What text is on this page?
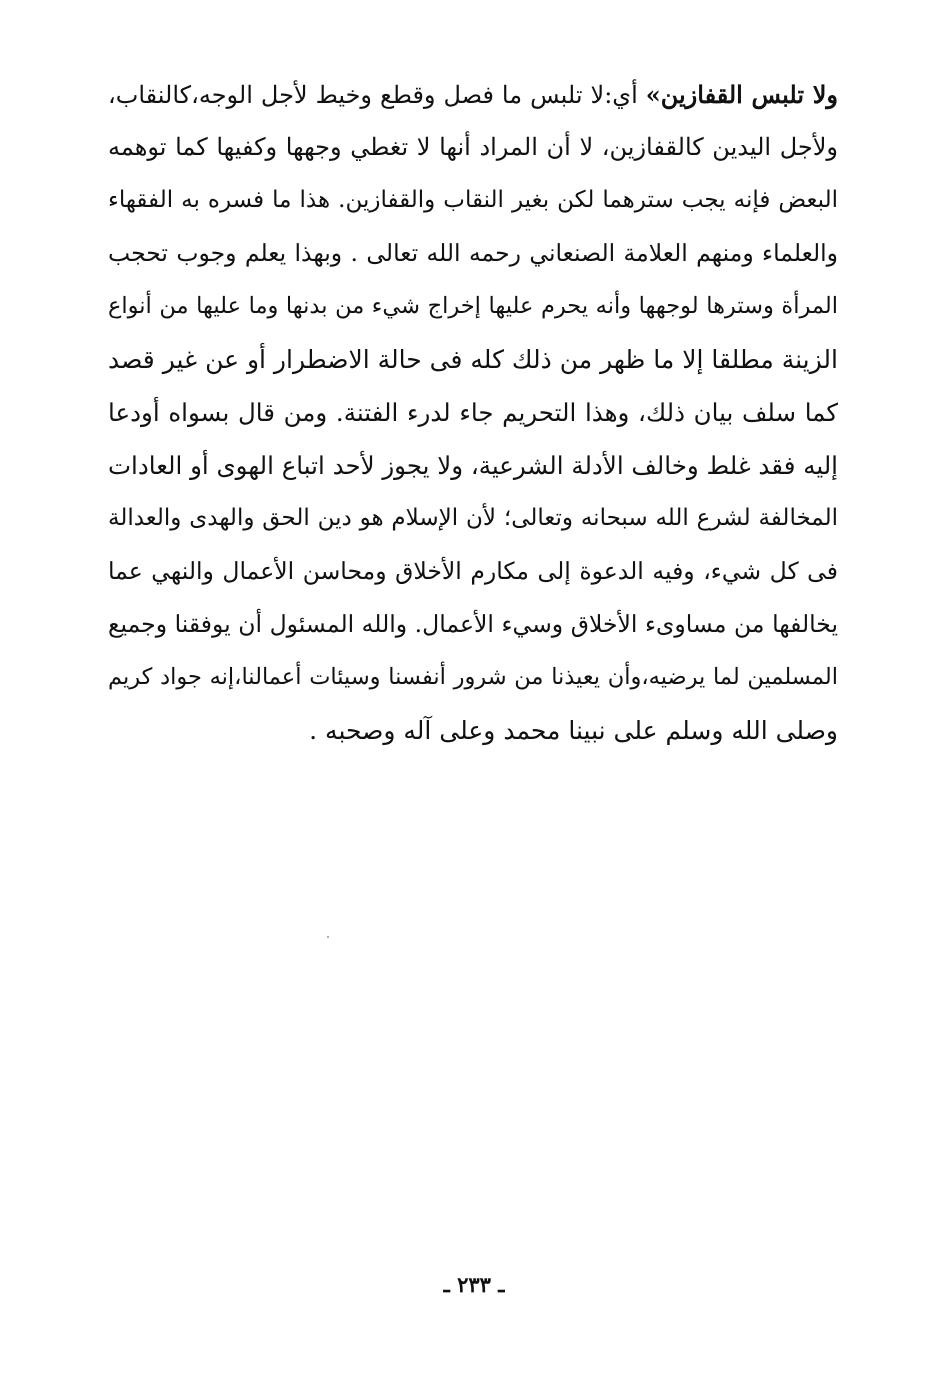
ولا تلبس القفازين» أي:لا تلبس ما فصل وقطع وخيط لأجل الوجه،كالنقاب،
ولأجل اليدين كالقفازين، لا أن المراد أنها لا تغطي وجهها وكفيها كما توهمه
البعض فإنه يجب سترهما لكن بغير النقاب والقفازين. هذا ما فسره به الفقهاء
والعلماء ومنهم العلامة الصنعاني رحمه الله تعالى . وبهذا يعلم وجوب تحجب
المرأة وسترها لوجهها وأنه يحرم عليها إخراج شيء من بدنها وما عليها من أنواع
الزينة مطلقا إلا ما ظهر من ذلك كله فى حالة الاضطرار أو عن غير قصد
كما سلف بيان ذلك، وهذا التحريم جاء لدرء الفتنة. ومن قال بسواه أودعا
إليه فقد غلط وخالف الأدلة الشرعية، ولا يجوز لأحد اتباع الهوى أو العادات
المخالفة لشرع الله سبحانه وتعالى؛ لأن الإسلام هو دين الحق والهدى والعدالة
فى كل شيء، وفيه الدعوة إلى مكارم الأخلاق ومحاسن الأعمال والنهي عما
يخالفها من مساوىء الأخلاق وسيء الأعمال. والله المسئول أن يوفقنا وجميع
المسلمين لما يرضيه،وأن يعيذنا من شرور أنفسنا وسيئات أعمالنا،إنه جواد كريم
وصلى الله وسلم على نبينا محمد وعلى آله وصحبه .
ـ ٢٣٣ ـ
